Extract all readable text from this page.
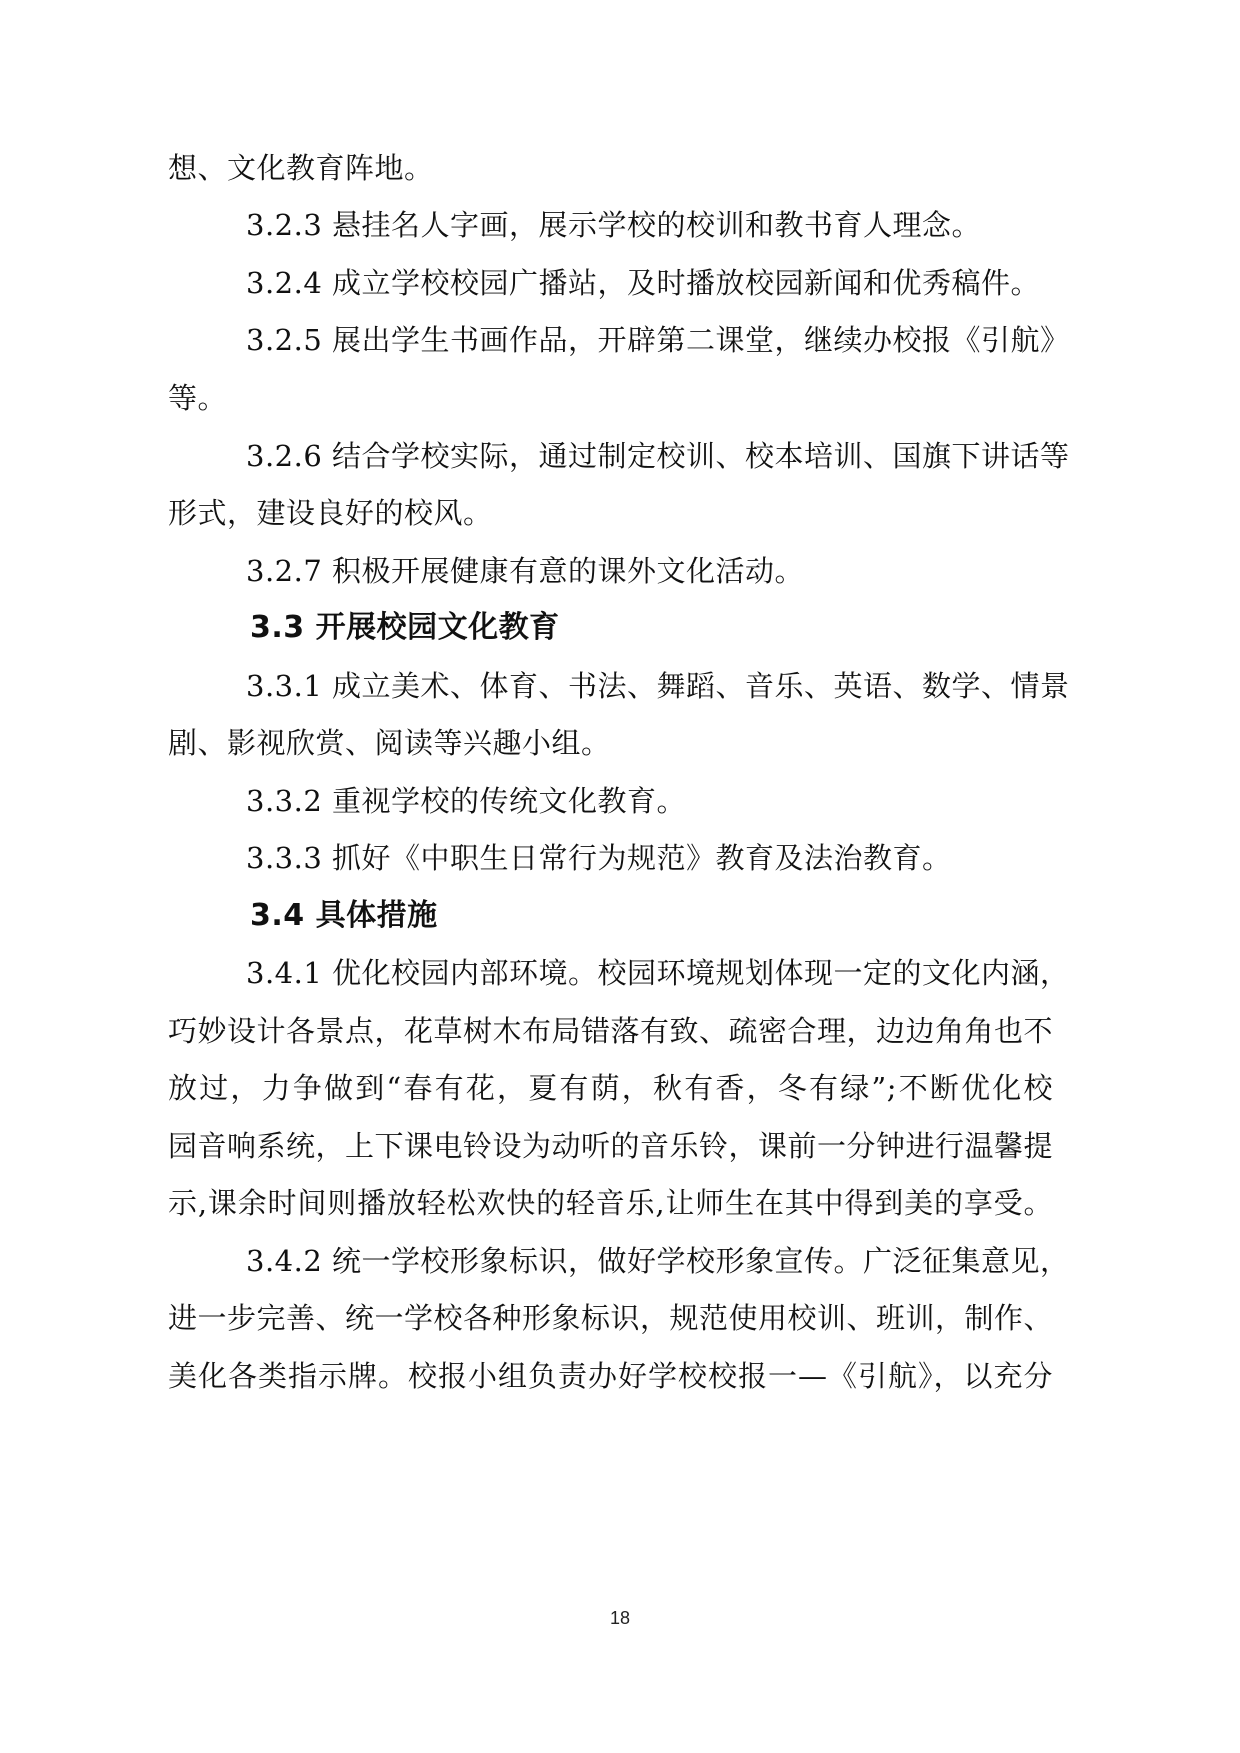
想、文化教育阵地。
3.2.3 悬挂名人字画，展示学校的校训和教书育人理念。
3.2.4 成立学校校园广播站，及时播放校园新闻和优秀稿件。
3.2.5 展出学生书画作品，开辟第二课堂，继续办校报《引航》
等。
3.2.6 结合学校实际，通过制定校训、校本培训、国旗下讲话等
形式，建设良好的校风。
3.2.7 积极开展健康有意的课外文化活动。
3.3 开展校园文化教育
3.3.1 成立美术、体育、书法、舞蹈、音乐、英语、数学、情景
剧、影视欣赏、阅读等兴趣小组。
3.3.2 重视学校的传统文化教育。
3.3.3 抓好《中职生日常行为规范》教育及法治教育。
3.4 具体措施
3.4.1 优化校园内部环境。校园环境规划体现一定的文化内涵，
巧妙设计各景点，花草树木布局错落有致、疏密合理，边边角角也不
放过，力争做到“春有花，夏有荫，秋有香，冬有绿”;不断优化校
园音响系统，上下课电铃设为动听的音乐铃，课前一分钟进行温馨提
示,课余时间则播放轻松欢快的轻音乐,让师生在其中得到美的享受。
3.4.2 统一学校形象标识，做好学校形象宣传。广泛征集意见，
进一步完善、统一学校各种形象标识，规范使用校训、班训，制作、
美化各类指示牌。校报小组负责办好学校校报一—《引航》，以充分
18
